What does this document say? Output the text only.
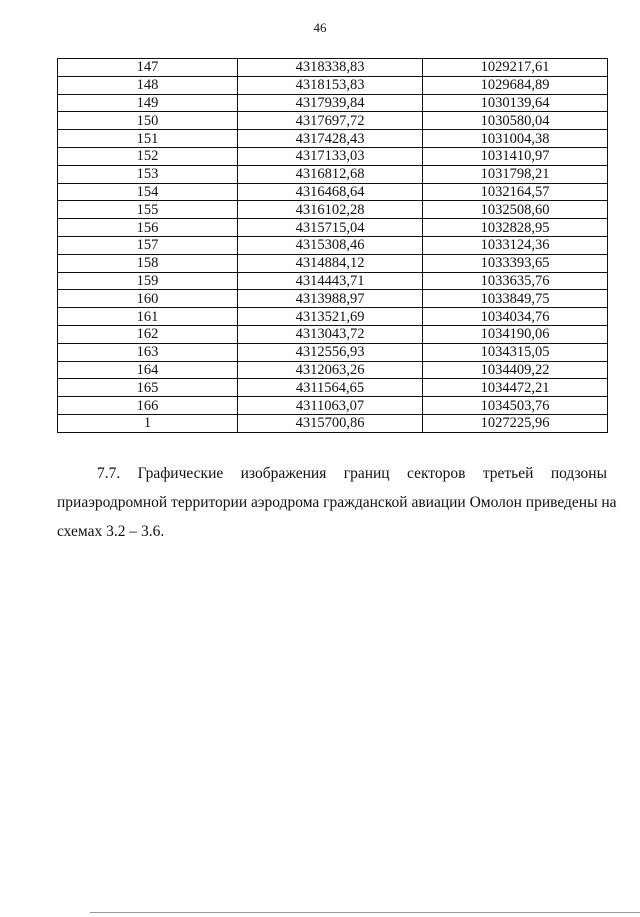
46
147	4318338,83	1029217,61
148	4318153,83	1029684,89
149	4317939,84	1030139,64
150	4317697,72	1030580,04
151	4317428,43	1031004,38
152	4317133,03	1031410,97
153	4316812,68	1031798,21
154	4316468,64	1032164,57
155	4316102,28	1032508,60
156	4315715,04	1032828,95
157	4315308,46	1033124,36
158	4314884,12	1033393,65
159	4314443,71	1033635,76
160	4313988,97	1033849,75
161	4313521,69	1034034,76
162	4313043,72	1034190,06
163	4312556,93	1034315,05
164	4312063,26	1034409,22
165	4311564,65	1034472,21
166	4311063,07	1034503,76
1	4315700,86	1027225,96
7.7. Графические изображения границ секторов третьей подзоны
приаэродромной территории аэродрома гражданской авиации Омолон приведены на
схемах 3.2 – 3.6.
